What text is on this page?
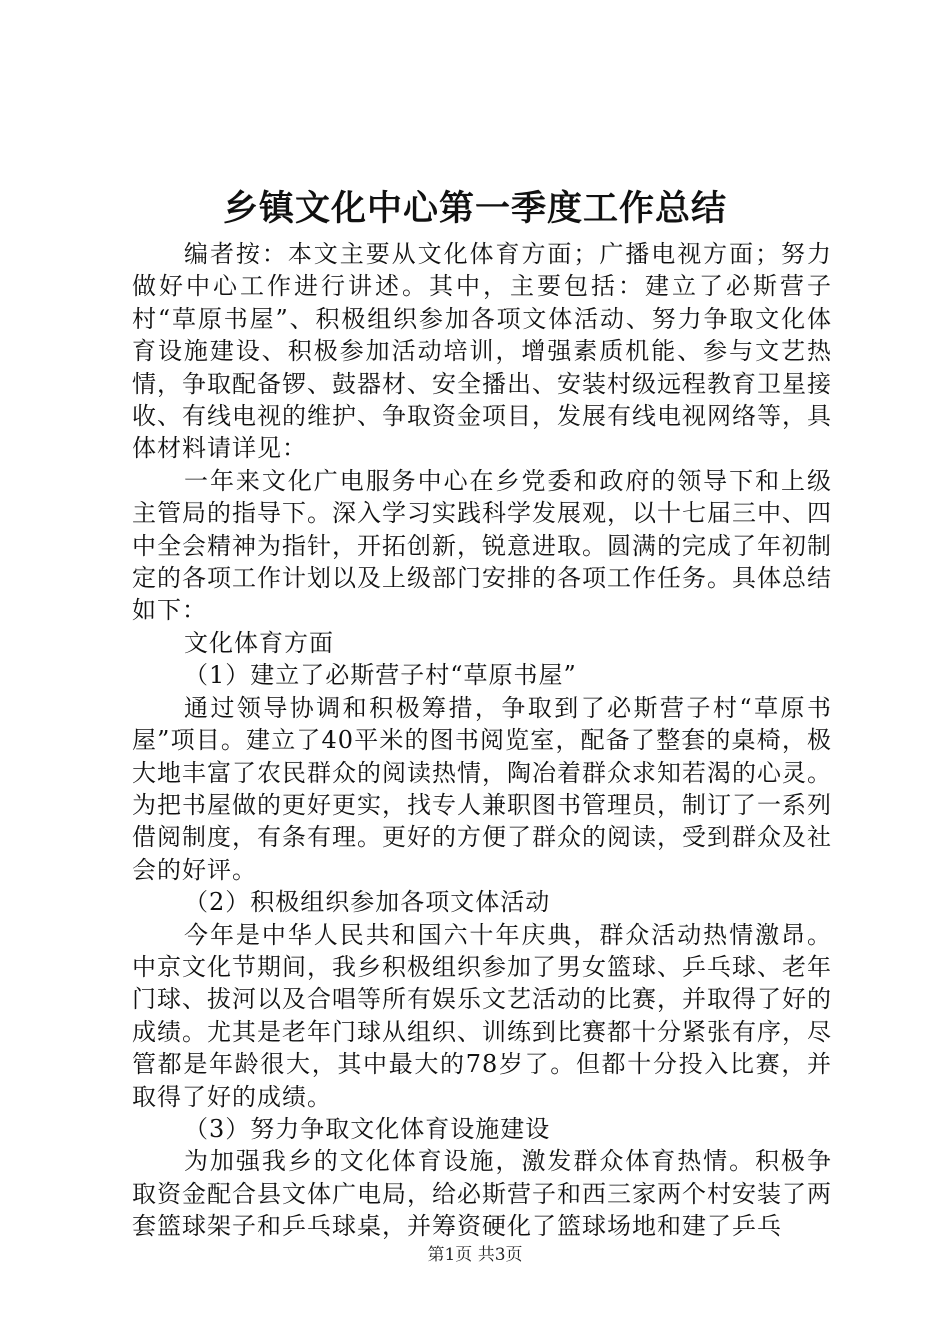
乡镇文化中心第一季度工作总结

编者按：本文主要从文化体育方面；广播电视方面；努力做好中心工作进行讲述。其中，主要包括：建立了必斯营子村“草原书屋”、积极组织参加各项文体活动、努力争取文化体育设施建设、积极参加活动培训，增强素质机能、参与文艺热情，争取配备锣、鼓器材、安全播出、安装村级远程教育卫星接收、有线电视的维护、争取资金项目，发展有线电视网络等，具体材料请详见：

一年来文化广电服务中心在乡党委和政府的领导下和上级主管局的指导下。深入学习实践科学发展观，以十七届三中、四中全会精神为指针，开拓创新，锐意进取。圆满的完成了年初制定的各项工作计划以及上级部门安排的各项工作任务。具体总结如下：

文化体育方面

（1）建立了必斯营子村“草原书屋”

通过领导协调和积极筹措，争取到了必斯营子村“草原书屋”项目。建立了40平米的图书阅览室，配备了整套的桌椅，极大地丰富了农民群众的阅读热情，陶冶着群众求知若渴的心灵。为把书屋做的更好更实，找专人兼职图书管理员，制订了一系列借阅制度，有条有理。更好的方便了群众的阅读，受到群众及社会的好评。

（2）积极组织参加各项文体活动

今年是中华人民共和国六十年庆典，群众活动热情激昂。中京文化节期间，我乡积极组织参加了男女篮球、乒乓球、老年门球、拔河以及合唱等所有娱乐文艺活动的比赛，并取得了好的成绩。尤其是老年门球从组织、训练到比赛都十分紧张有序，尽管都是年龄很大，其中最大的78岁了。但都十分投入比赛，并取得了好的成绩。

（3）努力争取文化体育设施建设

为加强我乡的文化体育设施，激发群众体育热情。积极争取资金配合县文体广电局，给必斯营子和西三家两个村安装了两套篮球架子和乒乓球桌，并筹资硬化了篮球场地和建了乒乓

第1页 共3页
